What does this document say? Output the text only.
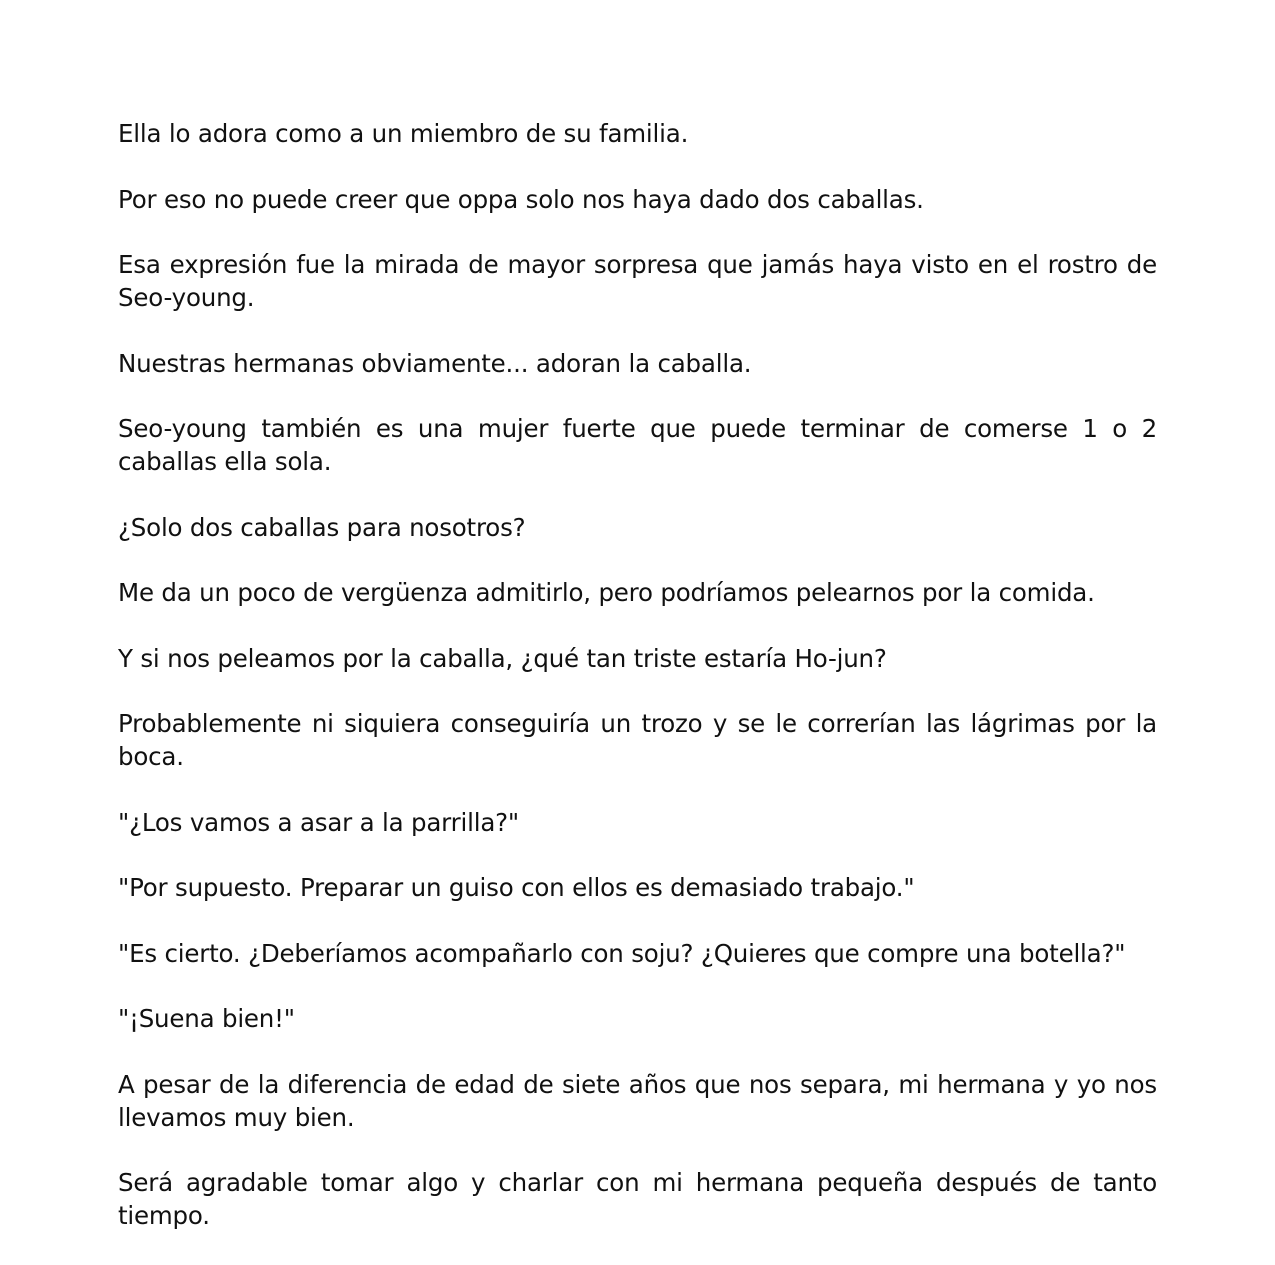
Ella lo adora como a un miembro de su familia.

Por eso no puede creer que oppa solo nos haya dado dos caballas.

Esa expresión fue la mirada de mayor sorpresa que jamás haya visto en el rostro de Seo-young.

Nuestras hermanas obviamente... adoran la caballa.

Seo-young también es una mujer fuerte que puede terminar de comerse 1 o 2 caballas ella sola.

¿Solo dos caballas para nosotros?

Me da un poco de vergüenza admitirlo, pero podríamos pelearnos por la comida.

Y si nos peleamos por la caballa, ¿qué tan triste estaría Ho-jun?

Probablemente ni siquiera conseguiría un trozo y se le correrían las lágrimas por la boca.

"¿Los vamos a asar a la parrilla?"

"Por supuesto. Preparar un guiso con ellos es demasiado trabajo."

"Es cierto. ¿Deberíamos acompañarlo con soju? ¿Quieres que compre una botella?"

"¡Suena bien!"

A pesar de la diferencia de edad de siete años que nos separa, mi hermana y yo nos llevamos muy bien.

Será agradable tomar algo y charlar con mi hermana pequeña después de tanto tiempo.
